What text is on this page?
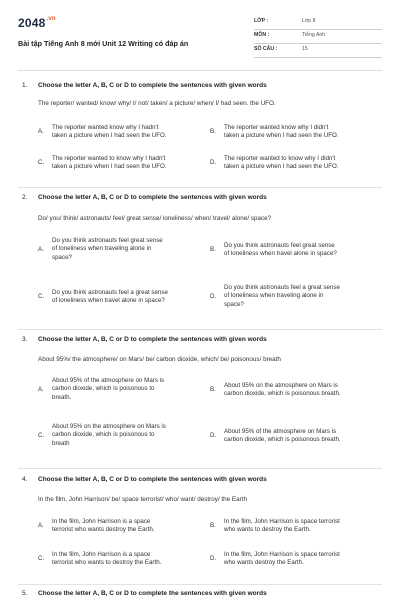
$2048^{.vn}$
Bài tập Tiếng Anh 8 mới Unit 12 Writing có đáp án
LỚP :	Lớp 8
MÔN :	Tiếng Anh
SỐ CÂU :	15
1. Choose the letter A, B, C or D to complete the sentences with given words
The reporter/ wanted/ know/ why/ I/ not/ taken/ a picture/ when/ I/ had seen. the UFO.
A.
The reporter wanted know why I hadn't
taken a picture when I had seen the UFO.
B.
The reporter wanted know why I didn't
taken a picture when I had seen the UFO.
C.
The reporter wanted to know why I hadn't
taken a picture when I had seen the UFO.
D.
The reporter wanted to know why I didn't
taken a picture when I had seen the UFO.
2. Choose the letter A, B, C or D to complete the sentences with given words
Do/ you/ think/ astronauts/ feel/ great sense/ loneliness/ when/ travel/ alone/ space?
A.
Do you think astronauts feel great sense
of loneliness when traveling alone in
space?
B.
Do you think astronauts feel great sense
of loneliness when travel alone in space?
C.
Do you think astronauts feel a great sense
of loneliness when travel alone in space?
D.
Do you think astronauts feel a great sense
of loneliness when traveling alone in
space?
3. Choose the letter A, B, C or D to complete the sentences with given words
About 95%/ the atmosphere/ on Mars/ be/ carbon dioxide, which/ be/ poisonous/ breath
A.
About 95% of the atmosphere on Mars is
carbon dioxide, which is poisonous to
breath.
B.
About 95% on the atmosphere on Mars is
carbon dioxide, which is poisonous breath.
C.
About 95% on the atmosphere on Mars is
carbon dioxide, which is poisonous to
breath
D.
About 95% of the atmosphere on Mars is
carbon dioxide, which is poisonous breath.
4. Choose the letter A, B, C or D to complete the sentences with given words
In the film, John Harrison/ be/ space terrorist/ who/ want/ destroy/ the Earth
A.
In the film, John Harrison is a space
terrorist who wants destroy the Earth.
B.
In the film, John Harrison is space terrorist
who wants to destroy the Earth.
C.
In the film, John Harrison is a space
terrorist who wants to destroy the Earth.
D.
In the film, John Harrison is space terrorist
who wants destroy the Earth.
5. Choose the letter A, B, C or D to complete the sentences with given words
